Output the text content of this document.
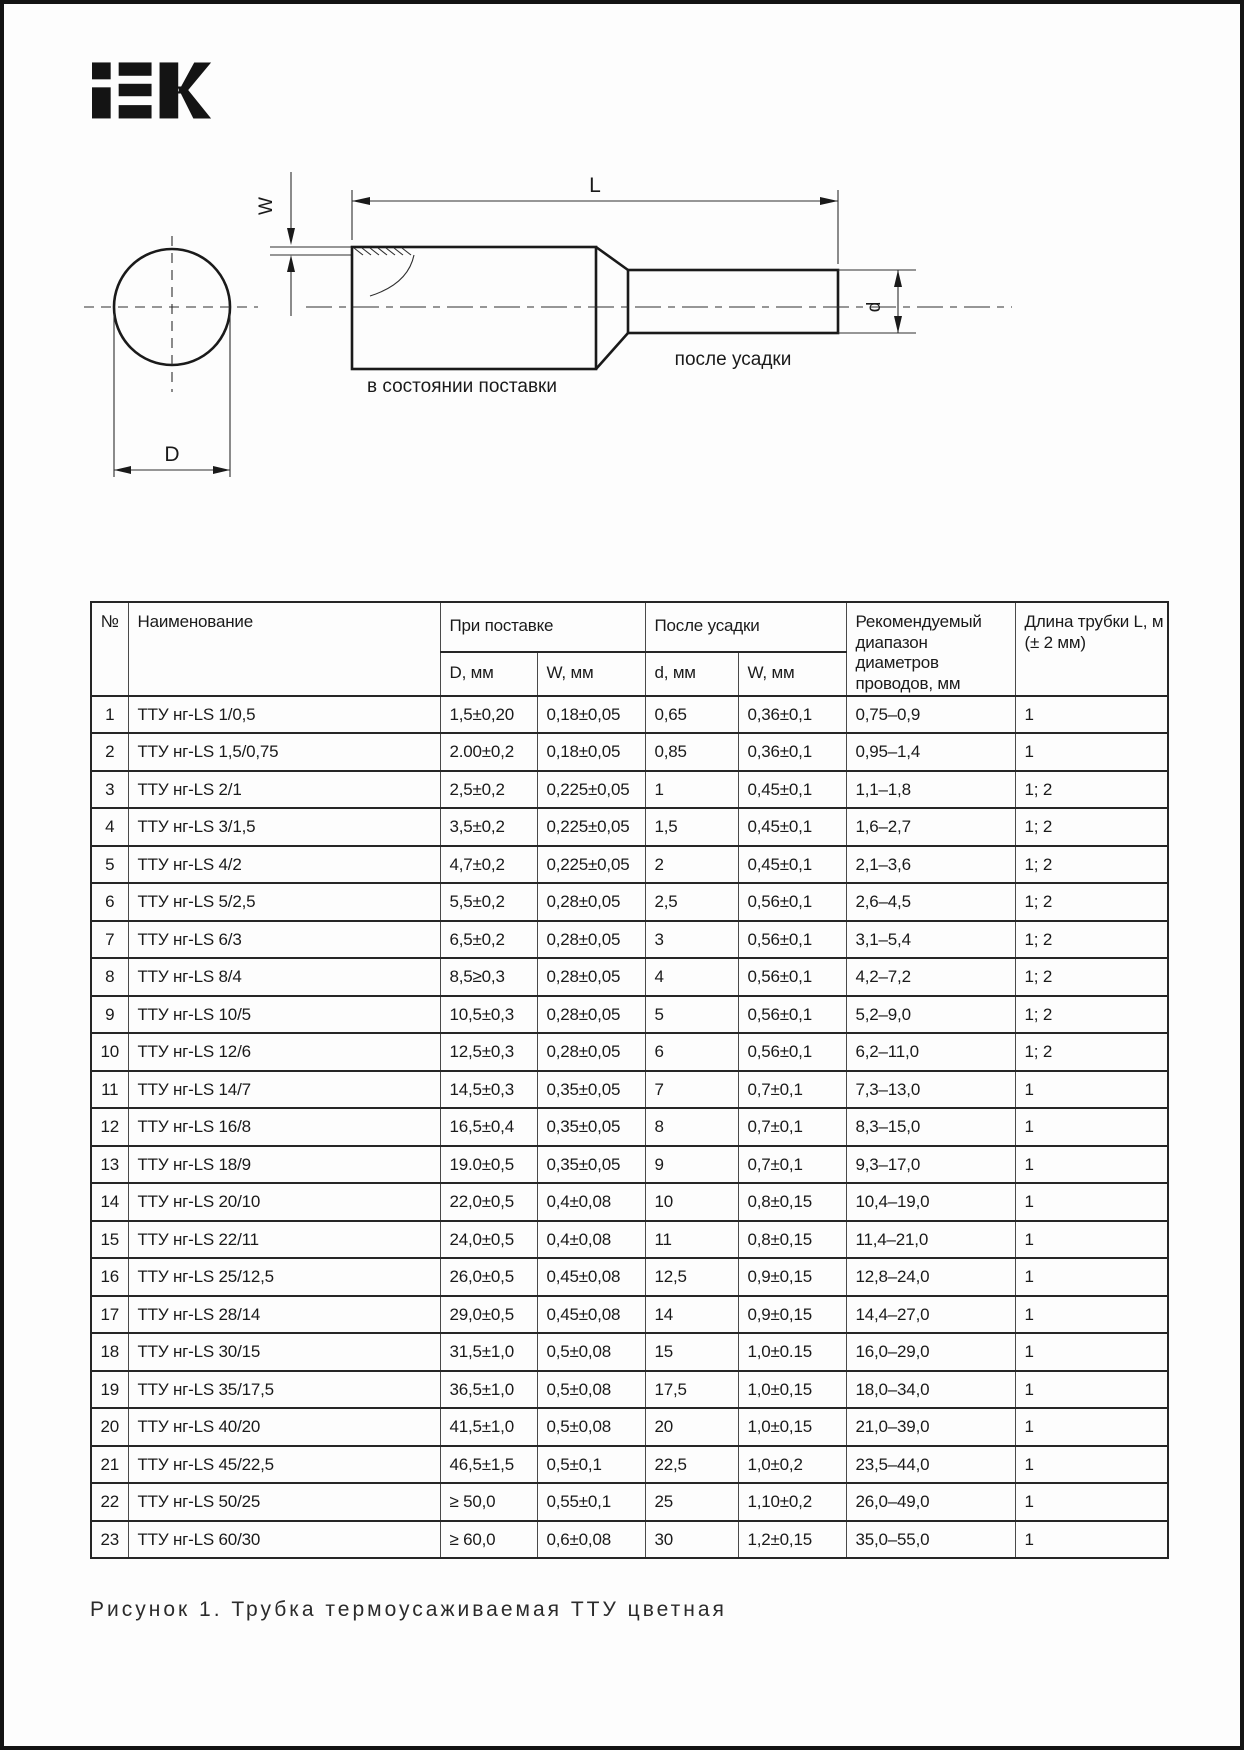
D
W
L
d
после усадки
в состоянии поставки
№	Наименование	При поставке		После усадки		Рекомендуемый диапазон диаметров проводов, мм	Длина трубки L, м (± 2 мм)
		D, мм	W, мм	d, мм	W, мм		
1	ТТУ нг-LS 1/0,5	1,5±0,20	0,18±0,05	0,65	0,36±0,1	0,75–0,9	1
2	ТТУ нг-LS 1,5/0,75	2.00±0,2	0,18±0,05	0,85	0,36±0,1	0,95–1,4	1
3	ТТУ нг-LS 2/1	2,5±0,2	0,225±0,05	1	0,45±0,1	1,1–1,8	1; 2
4	ТТУ нг-LS 3/1,5	3,5±0,2	0,225±0,05	1,5	0,45±0,1	1,6–2,7	1; 2
5	ТТУ нг-LS 4/2	4,7±0,2	0,225±0,05	2	0,45±0,1	2,1–3,6	1; 2
6	ТТУ нг-LS 5/2,5	5,5±0,2	0,28±0,05	2,5	0,56±0,1	2,6–4,5	1; 2
7	ТТУ нг-LS 6/3	6,5±0,2	0,28±0,05	3	0,56±0,1	3,1–5,4	1; 2
8	ТТУ нг-LS 8/4	8,5≥0,3	0,28±0,05	4	0,56±0,1	4,2–7,2	1; 2
9	ТТУ нг-LS 10/5	10,5±0,3	0,28±0,05	5	0,56±0,1	5,2–9,0	1; 2
10	ТТУ нг-LS 12/6	12,5±0,3	0,28±0,05	6	0,56±0,1	6,2–11,0	1; 2
11	ТТУ нг-LS 14/7	14,5±0,3	0,35±0,05	7	0,7±0,1	7,3–13,0	1
12	ТТУ нг-LS 16/8	16,5±0,4	0,35±0,05	8	0,7±0,1	8,3–15,0	1
13	ТТУ нг-LS 18/9	19.0±0,5	0,35±0,05	9	0,7±0,1	9,3–17,0	1
14	ТТУ нг-LS 20/10	22,0±0,5	0,4±0,08	10	0,8±0,15	10,4–19,0	1
15	ТТУ нг-LS 22/11	24,0±0,5	0,4±0,08	11	0,8±0,15	11,4–21,0	1
16	ТТУ нг-LS 25/12,5	26,0±0,5	0,45±0,08	12,5	0,9±0,15	12,8–24,0	1
17	ТТУ нг-LS 28/14	29,0±0,5	0,45±0,08	14	0,9±0,15	14,4–27,0	1
18	ТТУ нг-LS 30/15	31,5±1,0	0,5±0,08	15	1,0±0.15	16,0–29,0	1
19	ТТУ нг-LS 35/17,5	36,5±1,0	0,5±0,08	17,5	1,0±0,15	18,0–34,0	1
20	ТТУ нг-LS 40/20	41,5±1,0	0,5±0,08	20	1,0±0,15	21,0–39,0	1
21	ТТУ нг-LS 45/22,5	46,5±1,5	0,5±0,1	22,5	1,0±0,2	23,5–44,0	1
22	ТТУ нг-LS 50/25	≥ 50,0	0,55±0,1	25	1,10±0,2	26,0–49,0	1
23	ТТУ нг-LS 60/30	≥ 60,0	0,6±0,08	30	1,2±0,15	35,0–55,0	1
Рисунок 1. Трубка термоусаживаемая ТТУ цветная
